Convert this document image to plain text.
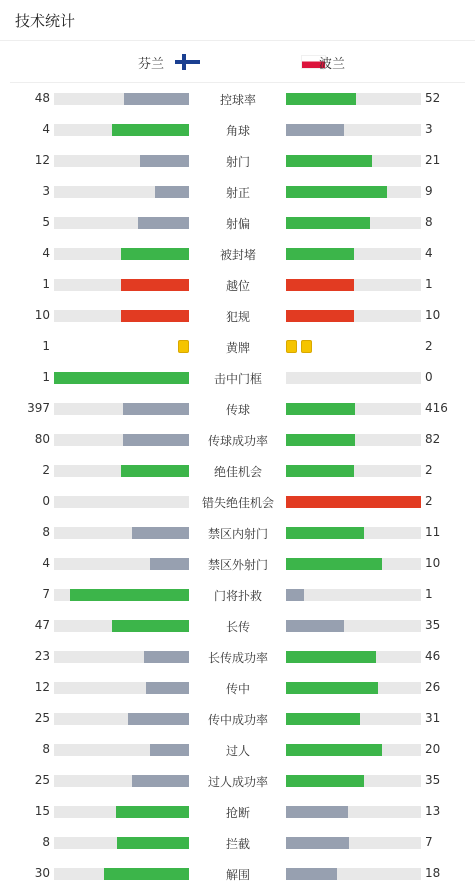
技术统计
芬兰	波兰
48	控球率	52
4	角球	3
12	射门	21
3	射正	9
5	射偏	8
4	被封堵	4
1	越位	1
10	犯规	10
1	黄牌	2
1	击中门框	0
397	传球	416
80	传球成功率	82
2	绝佳机会	2
0	错失绝佳机会	2
8	禁区内射门	11
4	禁区外射门	10
7	门将扑救	1
47	长传	35
23	长传成功率	46
12	传中	26
25	传中成功率	31
8	过人	20
25	过人成功率	35
15	抢断	13
8	拦截	7
30	解围	18
